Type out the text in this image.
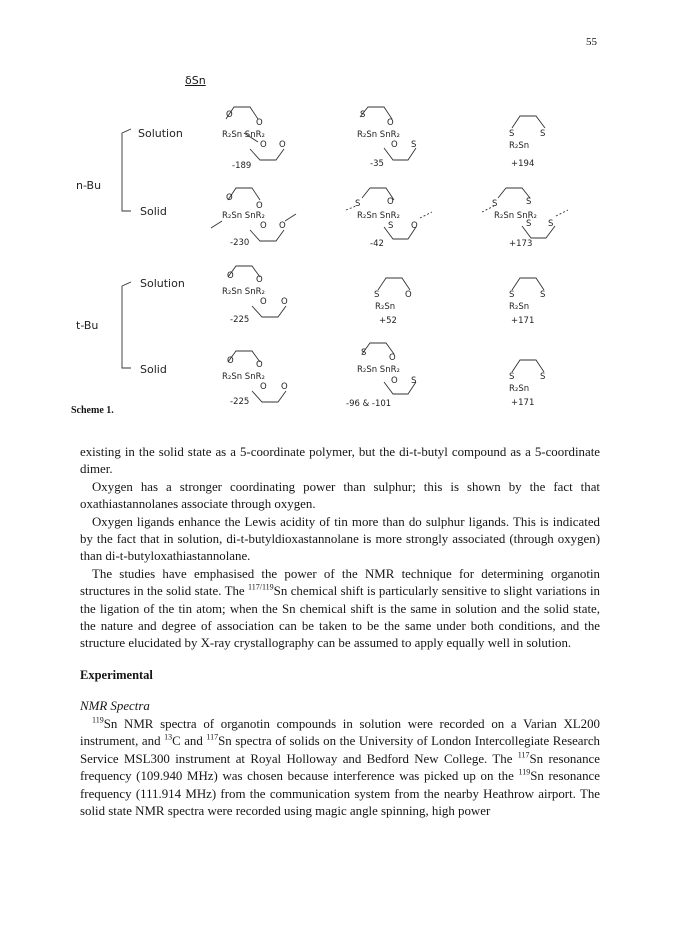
55
δSn
n-Bu
t-Bu
Solution
Solid
Solution
Solid
O
O
O O
R₂Sn SnR₂
-189
S
O
O S
R₂Sn SnR₂
-35
S	S
R₂Sn
+194
O
O
O O
R₂Sn SnR₂
-230
S	O
S O
R₂Sn SnR₂
-42
S	S
S S
R₂Sn SnR₂
+173
O	O
O O
R₂Sn SnR₂
-225
S	O
R₂Sn
+52
S	S
R₂Sn
+171
O	O
O O
R₂Sn SnR₂
-225
S	O
O S
R₂Sn SnR₂
-96 & -101
S	S
R₂Sn
+171
Scheme 1.

existing in the solid state as a 5-coordinate polymer, but the di-t-butyl compound as a 5-coordinate dimer.

Oxygen has a stronger coordinating power than sulphur; this is shown by the fact that oxathiastannolanes associate through oxygen.

Oxygen ligands enhance the Lewis acidity of tin more than do sulphur ligands. This is indicated by the fact that in solution, di-t-butyldioxastannolane is more strongly associated (through oxygen) than di-t-butyloxathiastannolane.

The studies have emphasised the power of the NMR technique for determining organotin structures in the solid state. The $^{117/119}$Sn chemical shift is particularly sensitive to slight variations in the ligation of the tin atom; when the Sn chemical shift is the same in solution and the solid state, the nature and degree of association can be taken to be the same under both conditions, and the structure elucidated by X-ray crystallography can be assumed to apply equally well in solution.

Experimental
NMR Spectra

$^{119}$Sn NMR spectra of organotin compounds in solution were recorded on a Varian XL200 instrument, and $^{13}$C and $^{117}$Sn spectra of solids on the University of London Intercollegiate Research Service MSL300 instrument at Royal Holloway and Bedford New College. The $^{117}$Sn resonance frequency (109.940 MHz) was chosen because interference was picked up on the $^{119}$Sn resonance frequency (111.914 MHz) from the communication system from the nearby Heathrow airport. The solid state NMR spectra were recorded using magic angle spinning, high power
